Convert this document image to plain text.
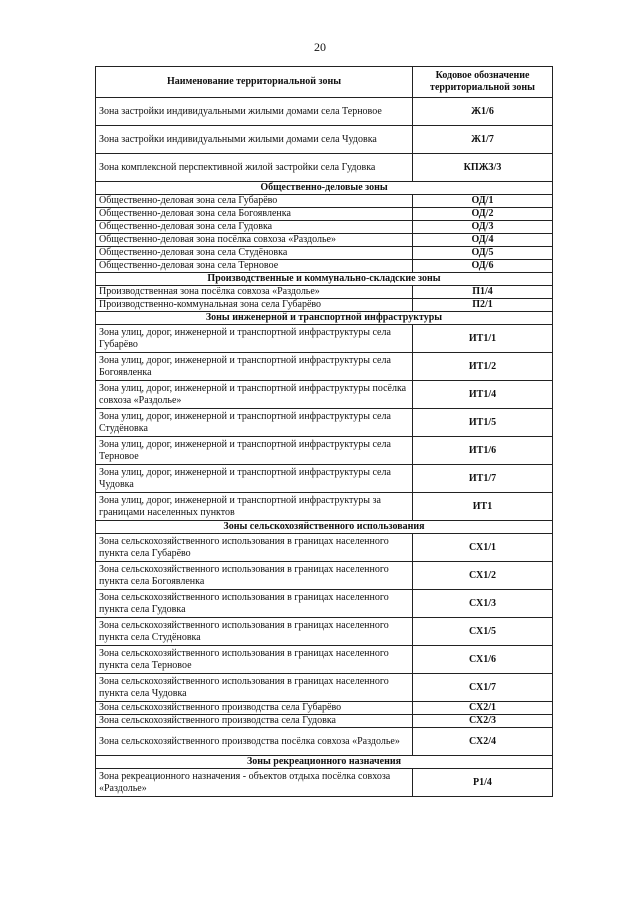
20
Наименование территориальной зоны	Кодовое обозначение территориальной зоны
Зона застройки индивидуальными жилыми домами села Терновое	Ж1/6
Зона застройки индивидуальными жилыми домами села Чудовка	Ж1/7
Зона комплексной перспективной жилой застройки села Гудовка	КПЖЗ/3
Общественно-деловые зоны	
Общественно-деловая зона села Губарёво	ОД/1
Общественно-деловая зона села Богоявленка	ОД/2
Общественно-деловая зона села Гудовка	ОД/3
Общественно-деловая зона посёлка совхоза «Раздолье»	ОД/4
Общественно-деловая зона села Студёновка	ОД/5
Общественно-деловая зона села Терновое	ОД/6
Производственные и коммунально-складские зоны	
Производственная зона посёлка совхоза «Раздолье»	П1/4
Производственно-коммунальная зона села Губарёво	П2/1
Зоны инженерной и транспортной инфраструктуры	
Зона улиц, дорог, инженерной и транспортной инфраструктуры села Губарёво	ИТ1/1
Зона улиц, дорог, инженерной и транспортной инфраструктуры села Богоявленка	ИТ1/2
Зона улиц, дорог, инженерной и транспортной инфраструктуры посёлка совхоза «Раздолье»	ИТ1/4
Зона улиц, дорог, инженерной и транспортной инфраструктуры села Студёновка	ИТ1/5
Зона улиц, дорог, инженерной и транспортной инфраструктуры села Терновое	ИТ1/6
Зона улиц, дорог, инженерной и транспортной инфраструктуры села Чудовка	ИТ1/7
Зона улиц, дорог, инженерной и транспортной инфраструктуры за границами населенных пунктов	ИТ1
Зоны сельскохозяйственного использования	
Зона сельскохозяйственного использования в границах населенного пункта села Губарёво	СХ1/1
Зона сельскохозяйственного использования в границах населенного пункта села Богоявленка	СХ1/2
Зона сельскохозяйственного использования в границах населенного пункта села Гудовка	СХ1/3
Зона сельскохозяйственного использования в границах населенного пункта села Студёновка	СХ1/5
Зона сельскохозяйственного использования в границах населенного пункта села Терновое	СХ1/6
Зона сельскохозяйственного использования в границах населенного пункта села Чудовка	СХ1/7
Зона сельскохозяйственного производства села Губарёво	СХ2/1
Зона сельскохозяйственного производства села Гудовка	СХ2/3
Зона сельскохозяйственного производства посёлка совхоза «Раздолье»	СХ2/4
Зоны рекреационного назначения	
Зона рекреационного назначения - объектов отдыха посёлка совхоза «Раздолье»	Р1/4
